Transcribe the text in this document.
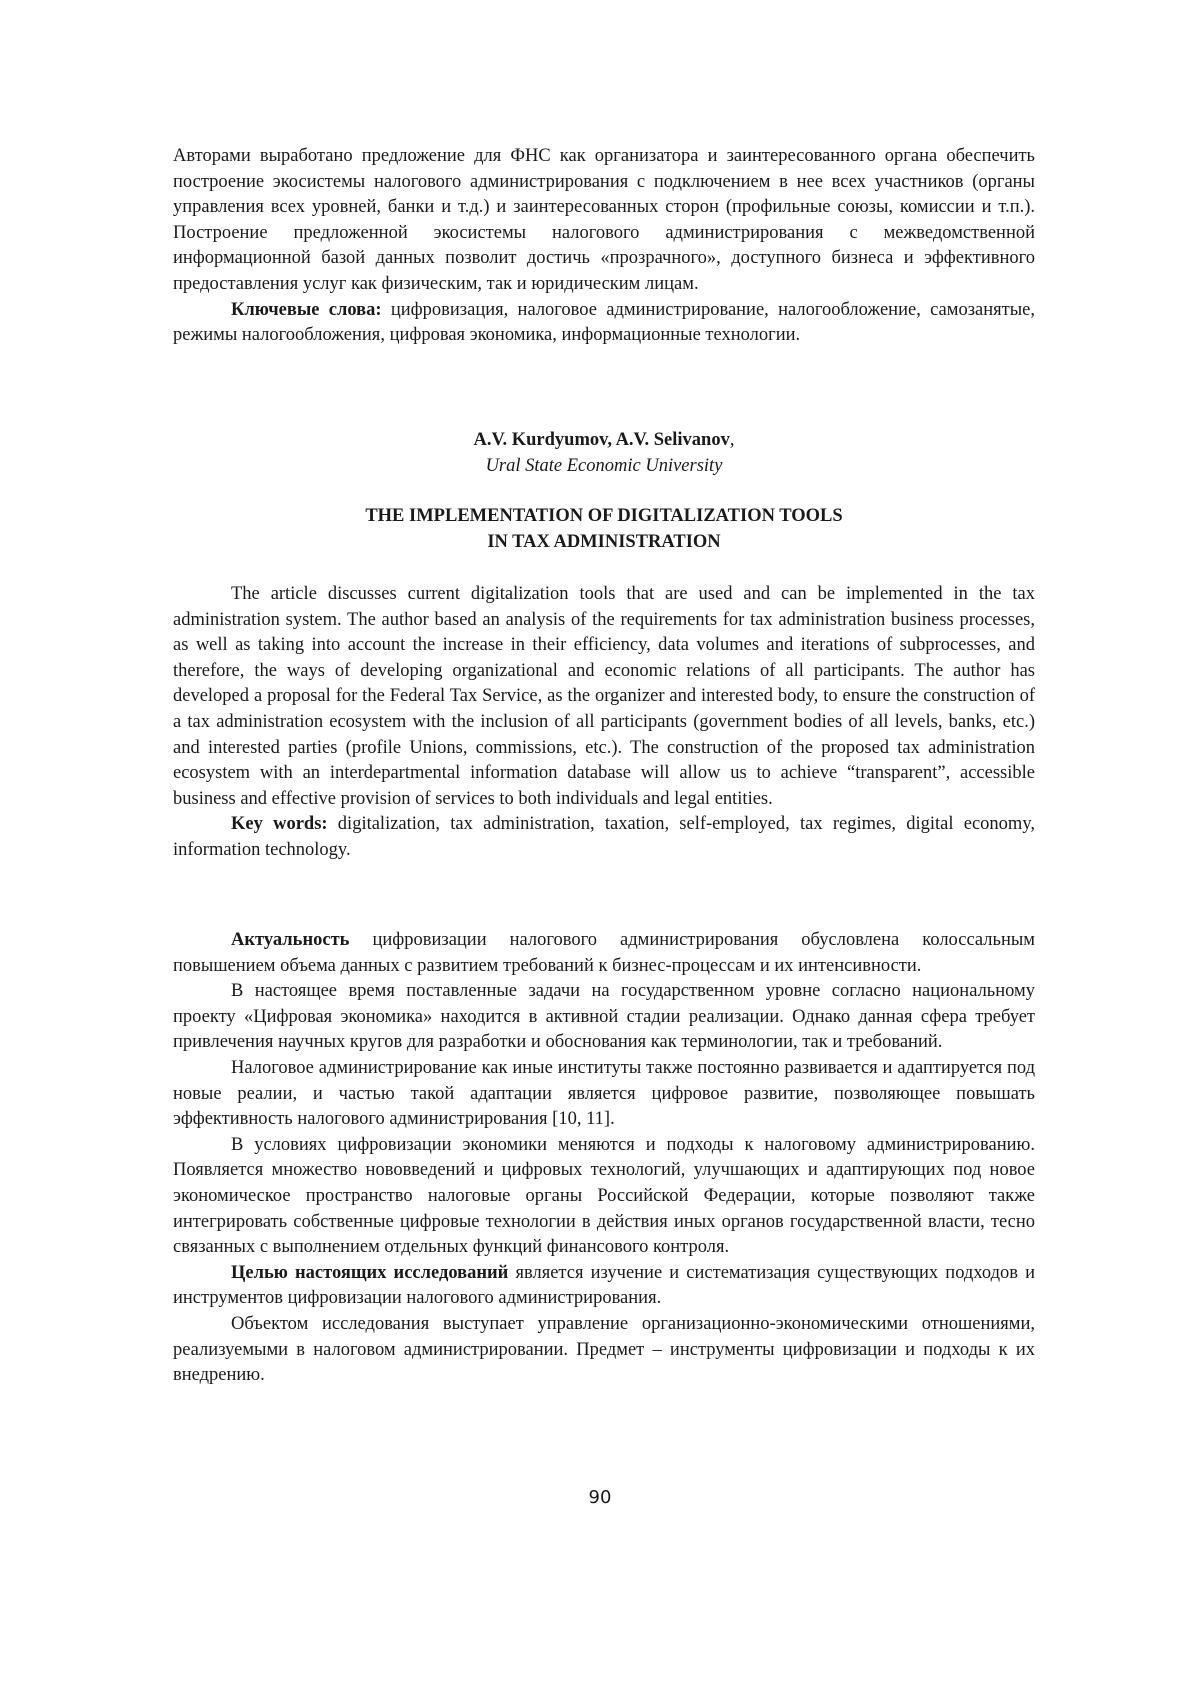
Авторами выработано предложение для ФНС как организатора и заинтересованного органа обеспечить построение экосистемы налогового администрирования с подключением в нее всех участников (органы управления всех уровней, банки и т.д.) и заинтересованных сторон (профильные союзы, комиссии и т.п.). Построение предложенной экосистемы налогового администрирования с межведомственной информационной базой данных позволит достичь «прозрачного», доступного бизнеса и эффективного предоставления услуг как физическим, так и юридическим лицам.

Ключевые слова: цифровизация, налоговое администрирование, налогообложение, самозанятые, режимы налогообложения, цифровая экономика, информационные технологии.

A.V. Kurdyumov, A.V. Selivanov,

Ural State Economic University

THE IMPLEMENTATION OF DIGITALIZATION TOOLS
IN TAX ADMINISTRATION

The article discusses current digitalization tools that are used and can be implemented in the tax administration system. The author based an analysis of the requirements for tax administration business processes, as well as taking into account the increase in their efficiency, data volumes and iterations of subprocesses, and therefore, the ways of developing organizational and economic relations of all participants. The author has developed a proposal for the Federal Tax Service, as the organizer and interested body, to ensure the construction of a tax administration ecosystem with the inclusion of all participants (government bodies of all levels, banks, etc.) and interested parties (profile Unions, commissions, etc.). The construction of the proposed tax administration ecosystem with an interdepartmental information database will allow us to achieve “transparent”, accessible business and effective provision of services to both individuals and legal entities.

Key words: digitalization, tax administration, taxation, self-employed, tax regimes, digital economy, information technology.

Актуальность цифровизации налогового администрирования обусловлена колоссальным повышением объема данных с развитием требований к бизнес-процессам и их интенсивности.

В настоящее время поставленные задачи на государственном уровне согласно национальному проекту «Цифровая экономика» находится в активной стадии реализации. Однако данная сфера требует привлечения научных кругов для разработки и обоснования как терминологии, так и требований.

Налоговое администрирование как иные институты также постоянно развивается и адаптируется под новые реалии, и частью такой адаптации является цифровое развитие, позволяющее повышать эффективность налогового администрирования [10, 11].

В условиях цифровизации экономики меняются и подходы к налоговому администрированию. Появляется множество нововведений и цифровых технологий, улучшающих и адаптирующих под новое экономическое пространство налоговые органы Российской Федерации, которые позволяют также интегрировать собственные цифровые технологии в действия иных органов государственной власти, тесно связанных с выполнением отдельных функций финансового контроля.

Целью настоящих исследований является изучение и систематизация существующих подходов и инструментов цифровизации налогового администрирования.

Объектом исследования выступает управление организационно-экономическими отношениями, реализуемыми в налоговом администрировании. Предмет – инструменты цифровизации и подходы к их внедрению.

90
